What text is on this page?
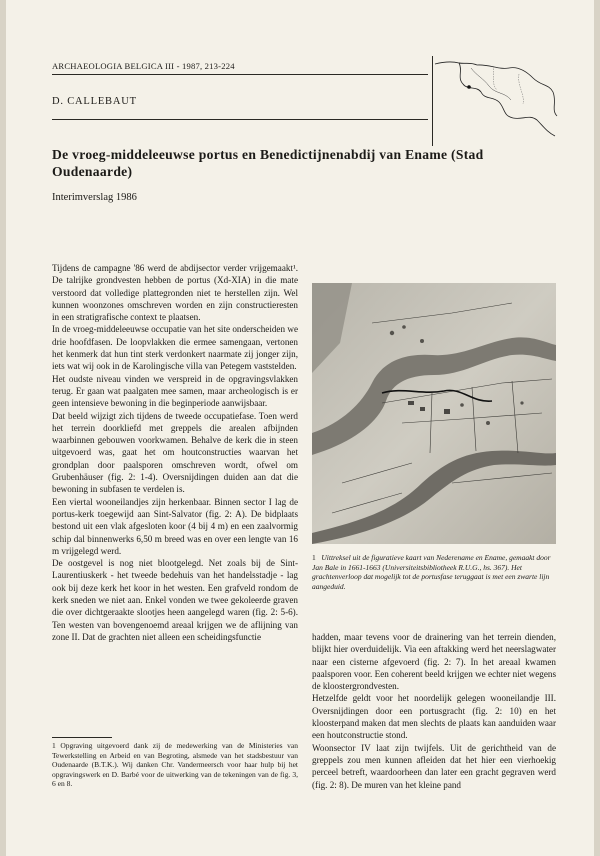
ARCHAEOLOGIA BELGICA III - 1987, 213-224
D. CALLEBAUT
De vroeg-middeleeuwse portus en Benedictijnenabdij van Ename (Stad Oudenaarde)
Interimverslag 1986

Tijdens de campagne '86 werd de abdijsector verder vrijgemaakt¹. De talrijke grondvesten hebben de portus (Xd-XIA) in die mate verstoord dat volledige plattegronden niet te herstellen zijn. Wel kunnen woonzones omschreven worden en zijn constructieresten in een stratigrafische context te plaatsen.

In de vroeg-middeleeuwse occupatie van het site onderscheiden we drie hoofdfasen. De loopvlakken die ermee samengaan, vertonen het kenmerk dat hun tint sterk verdonkert naarmate zij jonger zijn, iets wat wij ook in de Karolingische villa van Petegem vaststelden.

Het oudste niveau vinden we verspreid in de opgravingsvlakken terug. Er gaan wat paalgaten mee samen, maar archeologisch is er geen intensieve bewoning in die beginperiode aanwijsbaar.

Dat beeld wijzigt zich tijdens de tweede occupatiefase. Toen werd het terrein doorkliefd met greppels die arealen afbijnden waarbinnen gebouwen voorkwamen. Behalve de kerk die in steen uitgevoerd was, gaat het om houtconstructies waarvan het grondplan door paalsporen omschreven wordt, ofwel om Grubenhäuser (fig. 2: 1-4). Oversnijdingen duiden aan dat die bewoning in subfasen te verdelen is.

Een viertal wooneilandjes zijn herkenbaar. Binnen sector I lag de portus-kerk toegewijd aan Sint-Salvator (fig. 2: A). De bidplaats bestond uit een vlak afgesloten koor (4 bij 4 m) en een zaalvormig schip dal binnenwerks 6,50 m breed was en over een lengte van 16 m vrijgelegd werd.

De oostgevel is nog niet blootgelegd. Net zoals bij de Sint-Laurentiuskerk - het tweede bedehuis van het handelsstadje - lag ook bij deze kerk het koor in het westen. Een grafveld rondom de kerk sneden we niet aan. Enkel vonden we twee gekoleerde graven die over dichtgeraakte slootjes heen aangelegd waren (fig. 2: 5-6). Ten westen van bovengenoemd areaal krijgen we de aflijning van zone II. Dat de grachten niet alleen een scheidingsfunctie

1 Opgraving uitgevoerd dank zij de medewerking van de Ministeries van Tewerkstelling en Arbeid en van Begroting, alsmede van het stadsbestuur van Oudenaarde (B.T.K.). Wij danken Chr. Vandermeersch voor haar hulp bij het opgravingswerk en D. Barbé voor de uitwerking van de tekeningen van de fig. 3, 6 en 8.
1 Uittreksel uit de figuratieve kaart van Nederename en Ename, gemaakt door Jan Bale in 1661-1663 (Universiteitsbibliotheek R.U.G., hs. 367). Het grachtenverloop dat mogelijk tot de portusfase teruggaat is met een zwarte lijn aangeduid.

hadden, maar tevens voor de drainering van het terrein dienden, blijkt hier overduidelijk. Via een aftakking werd het neerslagwater naar een cisterne afgevoerd (fig. 2: 7). In het areaal kwamen paalsporen voor. Een coherent beeld krijgen we echter niet wegens de kloostergrondvesten.

Hetzelfde geldt voor het noordelijk gelegen wooneilandje III. Oversnijdingen door een portusgracht (fig. 2: 10) en het kloosterpand maken dat men slechts de plaats kan aanduiden waar een houtconstructie stond.

Woonsector IV laat zijn twijfels. Uit de gerichtheid van de greppels zou men kunnen afleiden dat het hier een vierhoekig perceel betreft, waardoorheen dan later een gracht gegraven werd (fig. 2: 8). De muren van het kleine pand
